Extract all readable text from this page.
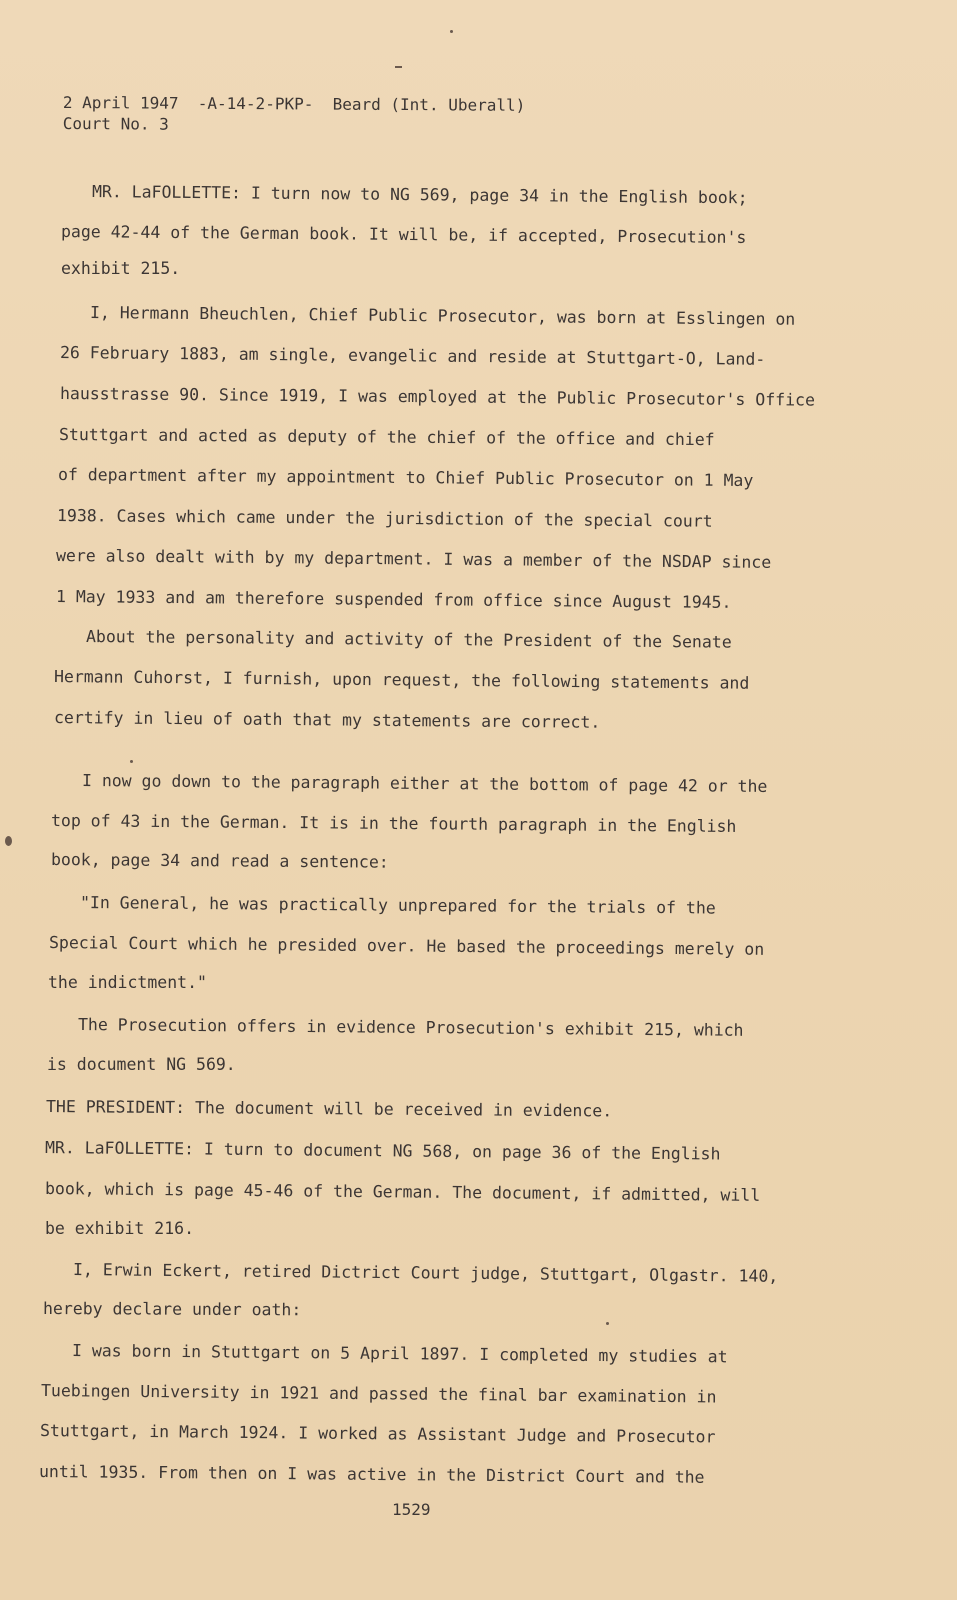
2 April 1947  -A-14-2-PKP-  Beard (Int. Uberall)
Court No. 3
MR. LaFOLLETTE: I turn now to NG 569, page 34 in the English book;
page 42-44 of the German book. It will be, if accepted, Prosecution's
exhibit 215.
I, Hermann Bheuchlen, Chief Public Prosecutor, was born at Esslingen on
26 February 1883, am single, evangelic and reside at Stuttgart-O, Land-
hausstrasse 90. Since 1919, I was employed at the Public Prosecutor's Office
Stuttgart and acted as deputy of the chief of the office and chief
of department after my appointment to Chief Public Prosecutor on 1 May
1938. Cases which came under the jurisdiction of the special court
were also dealt with by my department. I was a member of the NSDAP since
1 May 1933 and am therefore suspended from office since August 1945.
About the personality and activity of the President of the Senate
Hermann Cuhorst, I furnish, upon request, the following statements and
certify in lieu of oath that my statements are correct.
I now go down to the paragraph either at the bottom of page 42 or the
top of 43 in the German. It is in the fourth paragraph in the English
book, page 34 and read a sentence:
"In General, he was practically unprepared for the trials of the
Special Court which he presided over. He based the proceedings merely on
the indictment."
The Prosecution offers in evidence Prosecution's exhibit 215, which
is document NG 569.
THE PRESIDENT: The document will be received in evidence.
MR. LaFOLLETTE: I turn to document NG 568, on page 36 of the English
book, which is page 45-46 of the German. The document, if admitted, will
be exhibit 216.
I, Erwin Eckert, retired Dictrict Court judge, Stuttgart, Olgastr. 140,
hereby declare under oath:
I was born in Stuttgart on 5 April 1897. I completed my studies at
Tuebingen University in 1921 and passed the final bar examination in
Stuttgart, in March 1924. I worked as Assistant Judge and Prosecutor
until 1935. From then on I was active in the District Court and the
1529
